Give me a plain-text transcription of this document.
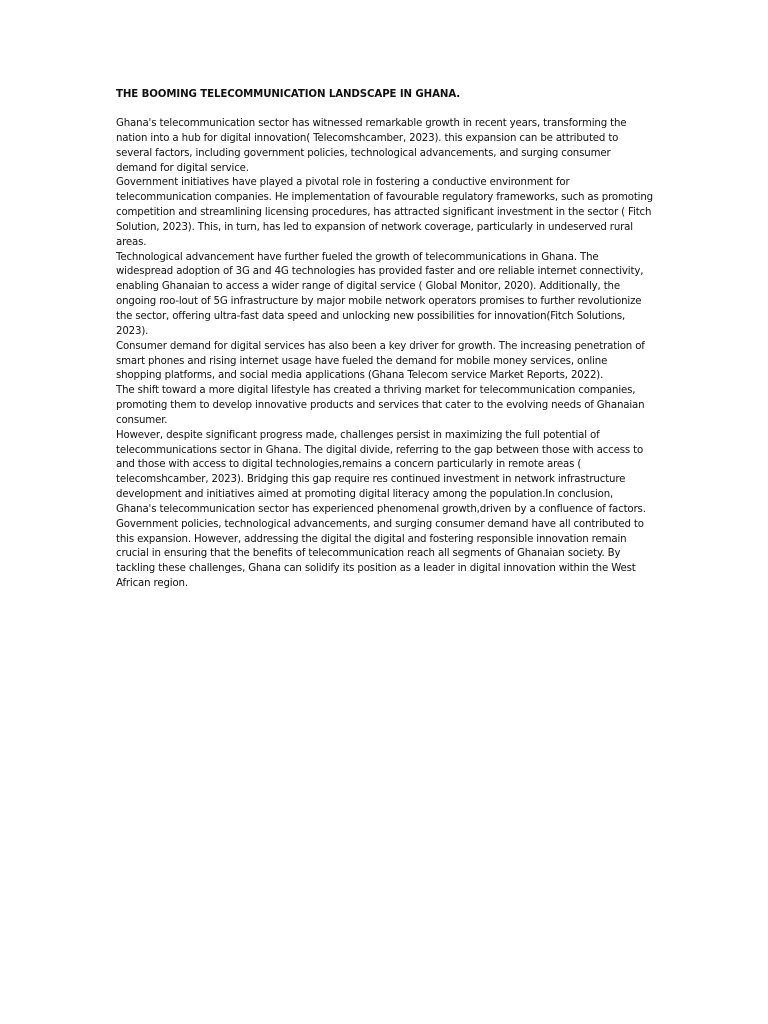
THE BOOMING TELECOMMUNICATION LANDSCAPE IN GHANA.

Ghana's telecommunication sector has witnessed remarkable growth in recent years, transforming the nation into a hub for digital innovation( Telecomshcamber, 2023). this expansion can be attributed to several factors, including government policies, technological advancements, and surging consumer demand for digital service.

Government initiatives have played a pivotal role in fostering a conductive environment for telecommunication companies. He implementation of favourable regulatory frameworks, such as promoting competition and streamlining licensing procedures, has attracted significant investment in the sector ( Fitch Solution, 2023). This, in turn, has led to expansion of network coverage, particularly in undeserved rural areas.

Technological advancement have further fueled the growth of telecommunications in Ghana. The widespread adoption of 3G and 4G technologies has provided faster and ore reliable internet connectivity, enabling Ghanaian to access a wider range of digital service ( Global Monitor, 2020). Additionally, the ongoing roo-lout of 5G infrastructure by major mobile network operators promises to further revolutionize the sector, offering ultra-fast data speed and unlocking new possibilities for innovation(Fitch Solutions, 2023).

Consumer demand for digital services has also been a key driver for growth. The increasing penetration of smart phones and rising internet usage have fueled the demand for mobile money services, online shopping platforms, and social media applications (Ghana Telecom service Market Reports, 2022).

The shift toward a more digital lifestyle has created a thriving market for telecommunication companies, promoting them to develop innovative products and services that cater to the evolving needs of Ghanaian consumer.

However, despite significant progress made, challenges persist in maximizing the full potential of telecommunications sector in Ghana. The digital divide, referring to the gap between those with access to and those with access to digital technologies,remains a concern particularly in remote areas ( telecomshcamber, 2023). Bridging this gap require res continued investment in network infrastructure development and initiatives aimed at promoting digital literacy among the population.In conclusion, Ghana's telecommunication sector has experienced phenomenal growth,driven by a confluence of factors. Government policies, technological advancements, and surging consumer demand have all contributed to this expansion. However, addressing the digital the digital and fostering responsible innovation remain crucial in ensuring that the benefits of telecommunication reach all segments of Ghanaian society. By tackling these challenges, Ghana can solidify its position as a leader in digital innovation within the West African region.
